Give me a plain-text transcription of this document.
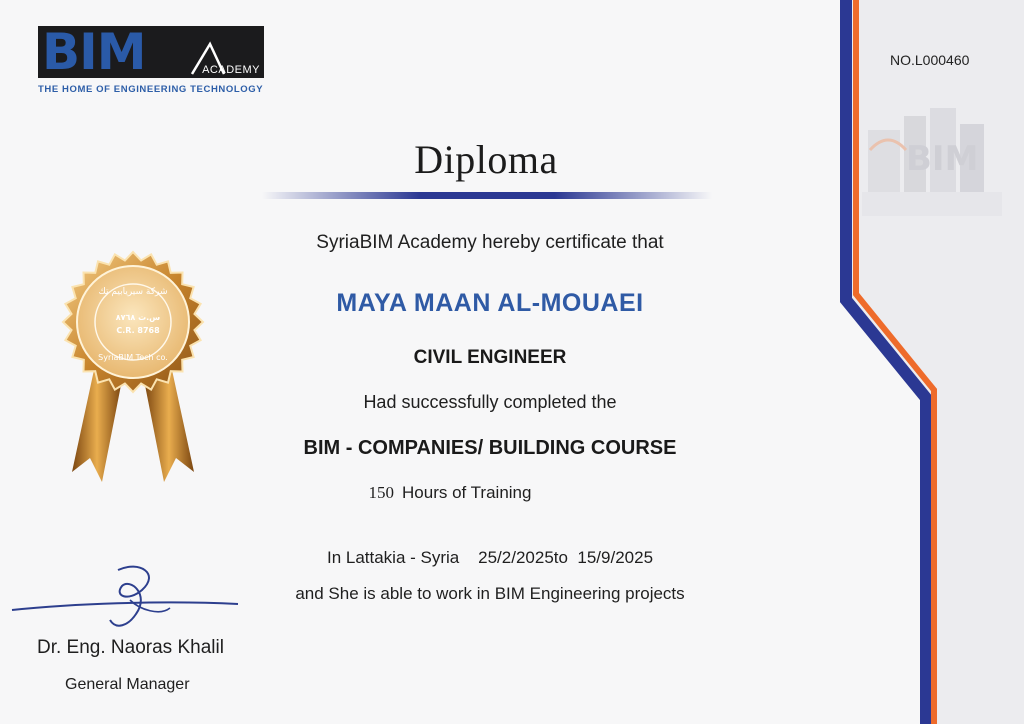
BIM	ACADEMY
THE HOME OF ENGINEERING TECHNOLOGY
BIM
NO.L000460
Diploma
SyriaBIM Academy hereby certificate that
MAYA MAAN AL-MOUAEI
CIVIL ENGINEER
Had successfully completed the
BIM - COMPANIES/ BUILDING COURSE
150 Hours of Training
In Lattakia - Syria    25/2/2025to  15/9/2025
and She is able to work in BIM Engineering projects
شركة سيريابيم تك
س.ت ٨٧٦٨
C.R. 8768
SyriaBIM Tech co.
Dr. Eng. Naoras Khalil
General Manager
